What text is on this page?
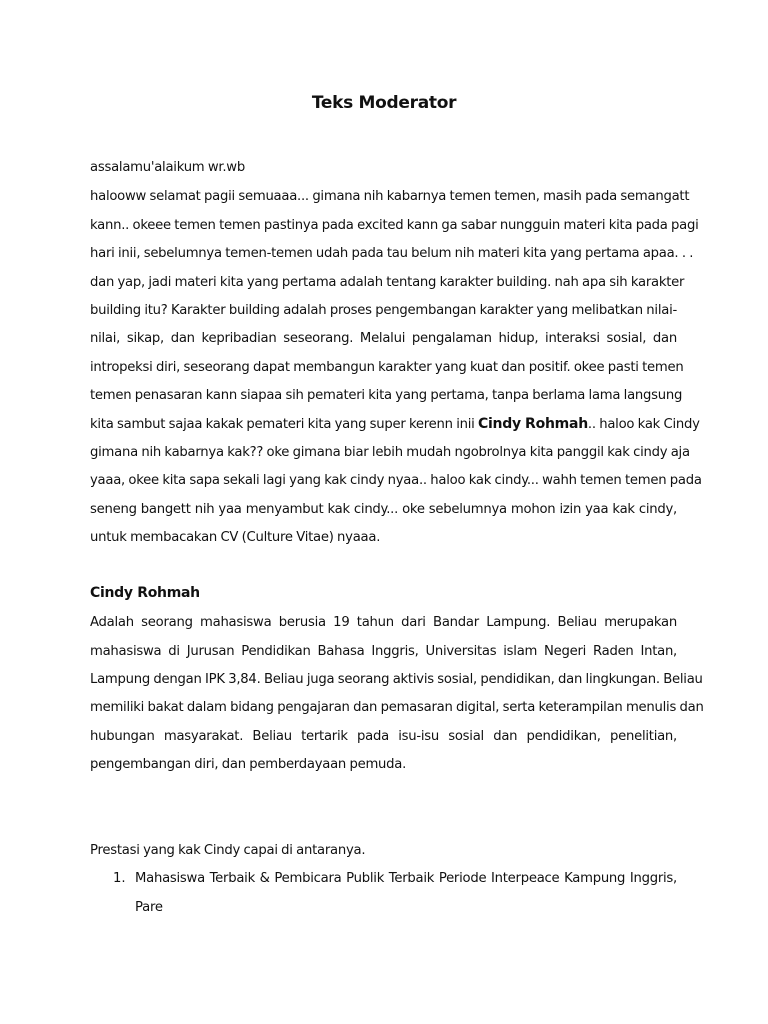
Teks Moderator
assalamu'alaikum wr.wb
halooww selamat pagii semuaaa... gimana nih kabarnya temen temen, masih pada semangatt
kann.. okeee temen temen pastinya pada excited kann ga sabar nungguin materi kita pada pagi
hari inii, sebelumnya temen-temen udah pada tau belum nih materi kita yang pertama apaa. . .
dan yap, jadi materi kita yang pertama adalah tentang karakter building. nah apa sih karakter
building itu? Karakter building adalah proses pengembangan karakter yang melibatkan nilai-
nilai, sikap, dan kepribadian seseorang. Melalui pengalaman hidup, interaksi sosial, dan
intropeksi diri, seseorang dapat membangun karakter yang kuat dan positif. okee pasti temen
temen penasaran kann siapaa sih pemateri kita yang pertama, tanpa berlama lama langsung
kita sambut sajaa kakak pemateri kita yang super kerenn inii Cindy Rohmah.. haloo kak Cindy
gimana nih kabarnya kak?? oke gimana biar lebih mudah ngobrolnya kita panggil kak cindy aja
yaaa, okee kita sapa sekali lagi yang kak cindy nyaa.. haloo kak cindy... wahh temen temen pada
seneng bangett nih yaa menyambut kak cindy... oke sebelumnya mohon izin yaa kak cindy,
untuk membacakan CV (Culture Vitae) nyaaa.
Cindy Rohmah
Adalah seorang mahasiswa berusia 19 tahun dari Bandar Lampung. Beliau merupakan
mahasiswa di Jurusan Pendidikan Bahasa Inggris, Universitas islam Negeri Raden Intan,
Lampung dengan IPK 3,84. Beliau juga seorang aktivis sosial, pendidikan, dan lingkungan. Beliau
memiliki bakat dalam bidang pengajaran dan pemasaran digital, serta keterampilan menulis dan
hubungan masyarakat. Beliau tertarik pada isu-isu sosial dan pendidikan, penelitian,
pengembangan diri, dan pemberdayaan pemuda.
Prestasi yang kak Cindy capai di antaranya.
1. Mahasiswa Terbaik & Pembicara Publik Terbaik Periode Interpeace Kampung Inggris,
Pare
